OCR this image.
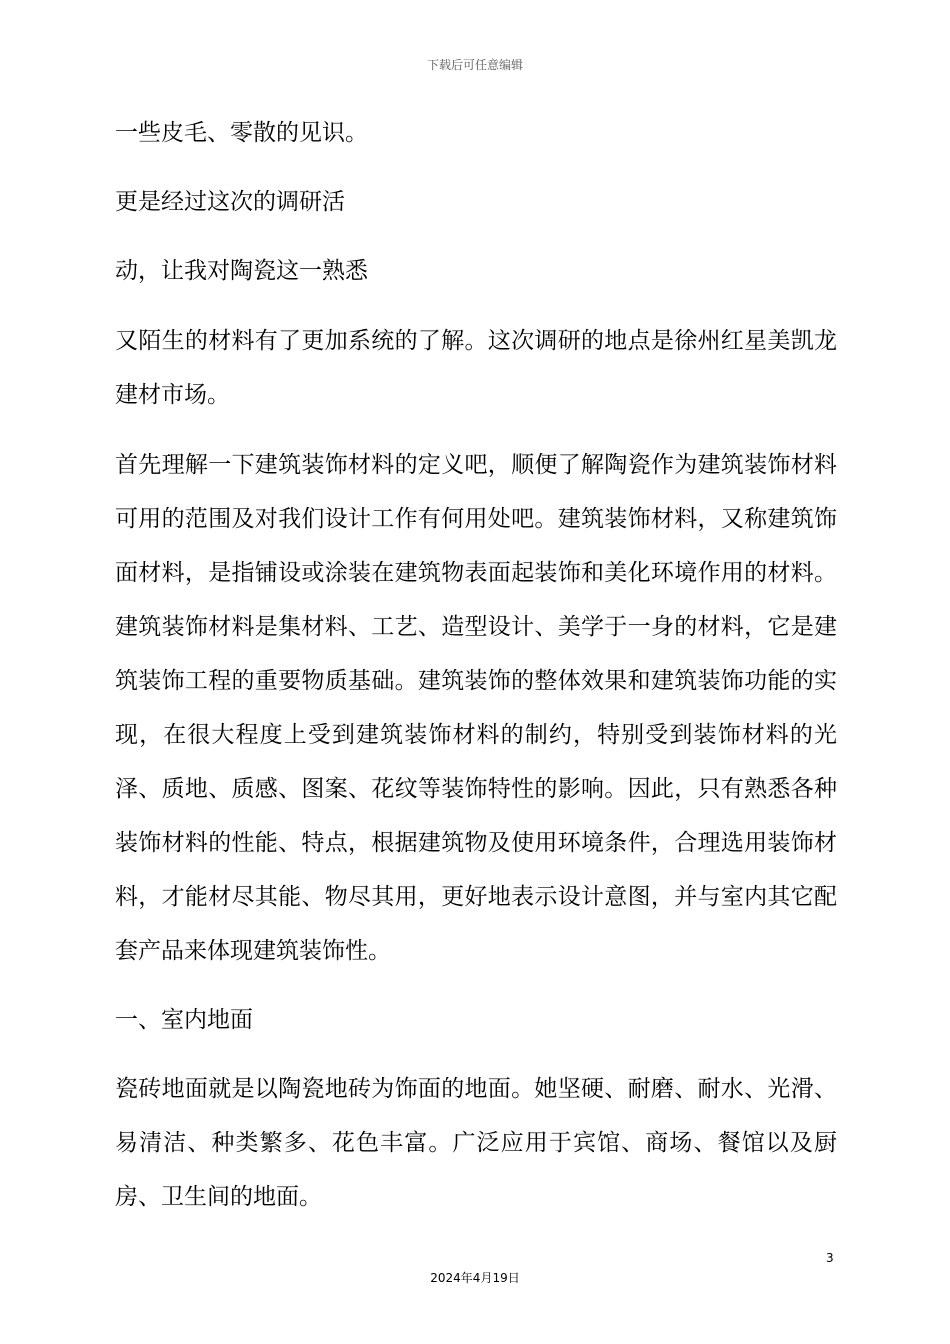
下载后可任意编辑

一些皮毛、零散的见识。

更是经过这次的调研活

动，让我对陶瓷这一熟悉

又陌生的材料有了更加系统的了解。这次调研的地点是徐州红星美凯龙建材市场。

首先理解一下建筑装饰材料的定义吧，顺便了解陶瓷作为建筑装饰材料可用的范围及对我们设计工作有何用处吧。建筑装饰材料，又称建筑饰面材料，是指铺设或涂装在建筑物表面起装饰和美化环境作用的材料。建筑装饰材料是集材料、工艺、造型设计、美学于一身的材料，它是建筑装饰工程的重要物质基础。建筑装饰的整体效果和建筑装饰功能的实现，在很大程度上受到建筑装饰材料的制约，特别受到装饰材料的光泽、质地、质感、图案、花纹等装饰特性的影响。因此，只有熟悉各种装饰材料的性能、特点，根据建筑物及使用环境条件，合理选用装饰材料，才能材尽其能、物尽其用，更好地表示设计意图，并与室内其它配套产品来体现建筑装饰性。

一、室内地面

瓷砖地面就是以陶瓷地砖为饰面的地面。她坚硬、耐磨、耐水、光滑、易清洁、种类繁多、花色丰富。广泛应用于宾馆、商场、餐馆以及厨房、卫生间的地面。

3
2024年4月19日
